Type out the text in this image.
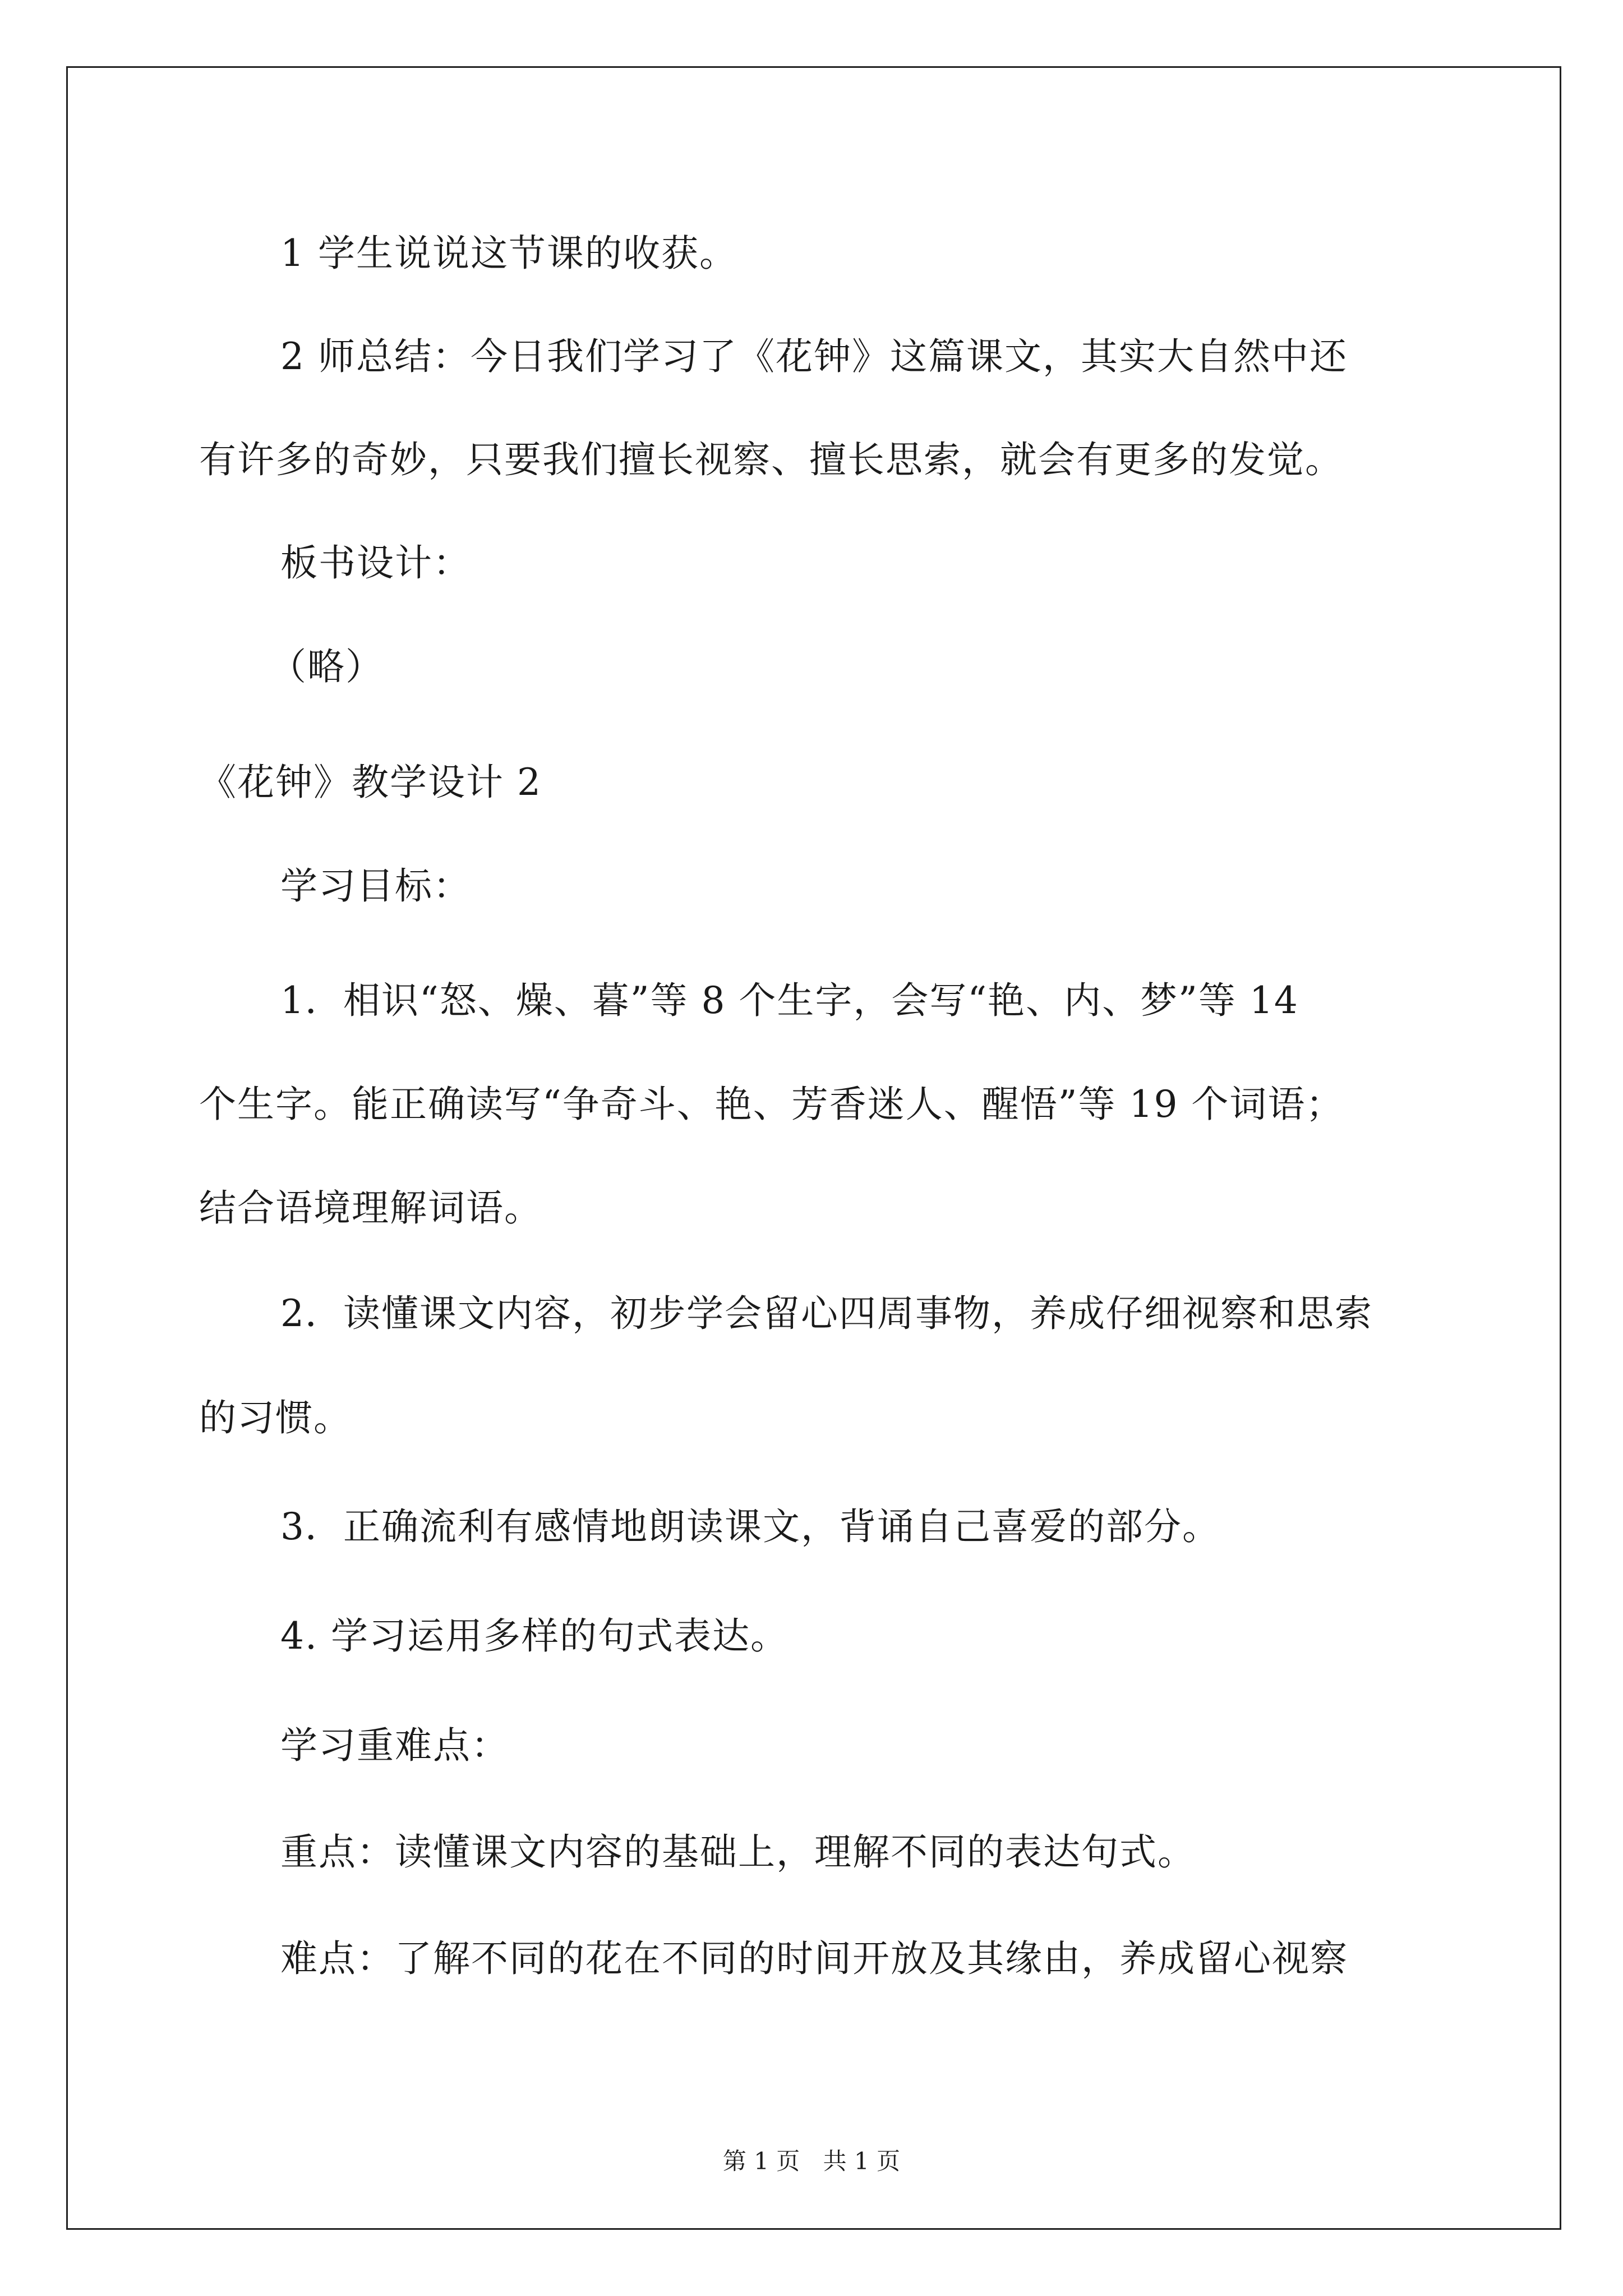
1 学生说说这节课的收获。
2 师总结：今日我们学习了《花钟》这篇课文，其实大自然中还
有许多的奇妙，只要我们擅长视察、擅长思索，就会有更多的发觉。
板书设计：
（略）
《花钟》教学设计 2
学习目标：
1．相识“怒、燥、暮”等 8 个生字，会写“艳、内、梦”等 14
个生字。能正确读写“争奇斗、艳、芳香迷人、醒悟”等 19 个词语；
结合语境理解词语。
2．读懂课文内容，初步学会留心四周事物，养成仔细视察和思索
的习惯。
3．正确流利有感情地朗读课文，背诵自己喜爱的部分。
4. 学习运用多样的句式表达。
学习重难点：
重点：读懂课文内容的基础上，理解不同的表达句式。
难点：了解不同的花在不同的时间开放及其缘由，养成留心视察
第 1 页 共 1 页
